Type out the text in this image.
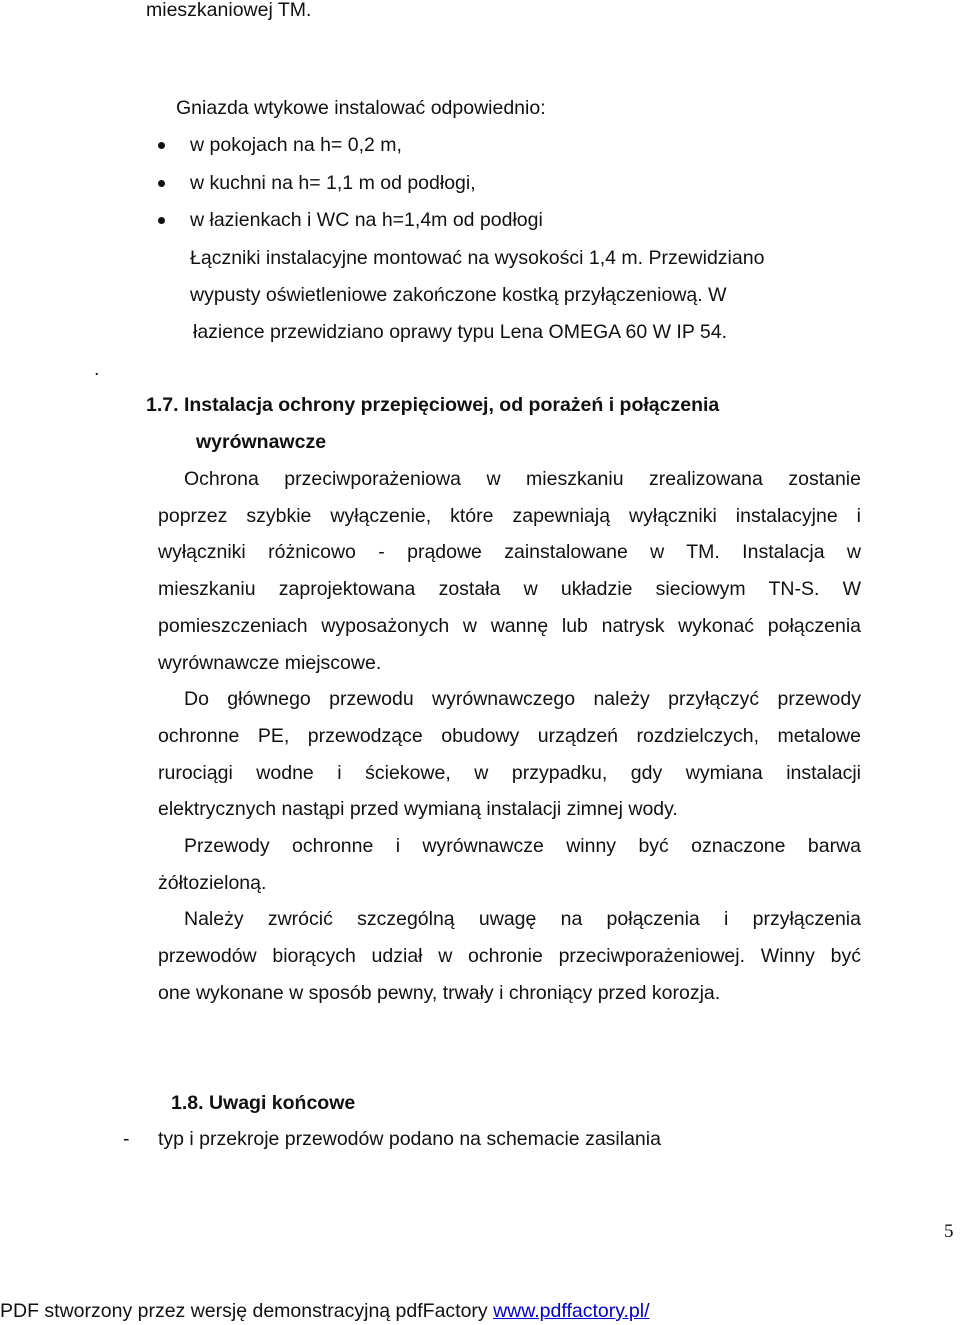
mieszkaniowej TM.
Gniazda wtykowe instalować odpowiednio:
w pokojach na h= 0,2 m,
w kuchni na h= 1,1 m od podłogi,
w łazienkach i WC na h=1,4m od podłogi
Łączniki instalacyjne montować na wysokości 1,4 m. Przewidziano
wypusty oświetleniowe zakończone kostką przyłączeniową. W
łazience przewidziano oprawy typu Lena OMEGA 60 W IP 54.
.
1.7. Instalacja ochrony przepięciowej, od porażeń i połączenia
wyrównawcze
Ochrona przeciwporażeniowa w mieszkaniu zrealizowana zostanie
poprzez szybkie wyłączenie, które zapewniają wyłączniki instalacyjne i
wyłączniki różnicowo - prądowe zainstalowane w TM. Instalacja w
mieszkaniu zaprojektowana została w układzie sieciowym TN-S. W
pomieszczeniach wyposażonych w wannę lub natrysk wykonać połączenia
wyrównawcze miejscowe.
Do głównego przewodu wyrównawczego należy przyłączyć przewody
ochronne PE, przewodzące obudowy urządzeń rozdzielczych, metalowe
rurociągi wodne i ściekowe, w przypadku, gdy wymiana instalacji
elektrycznych nastąpi przed wymianą instalacji zimnej wody.
Przewody ochronne i wyrównawcze winny być oznaczone barwa
żółtozieloną.
Należy zwrócić szczególną uwagę na połączenia i przyłączenia
przewodów biorących udział w ochronie przeciwporażeniowej. Winny być
one wykonane w sposób pewny, trwały i chroniący przed korozja.
1.8. Uwagi końcowe
- typ i przekroje przewodów podano na schemacie zasilania
5
PDF stworzony przez wersję demonstracyjną pdfFactory www.pdffactory.pl/
